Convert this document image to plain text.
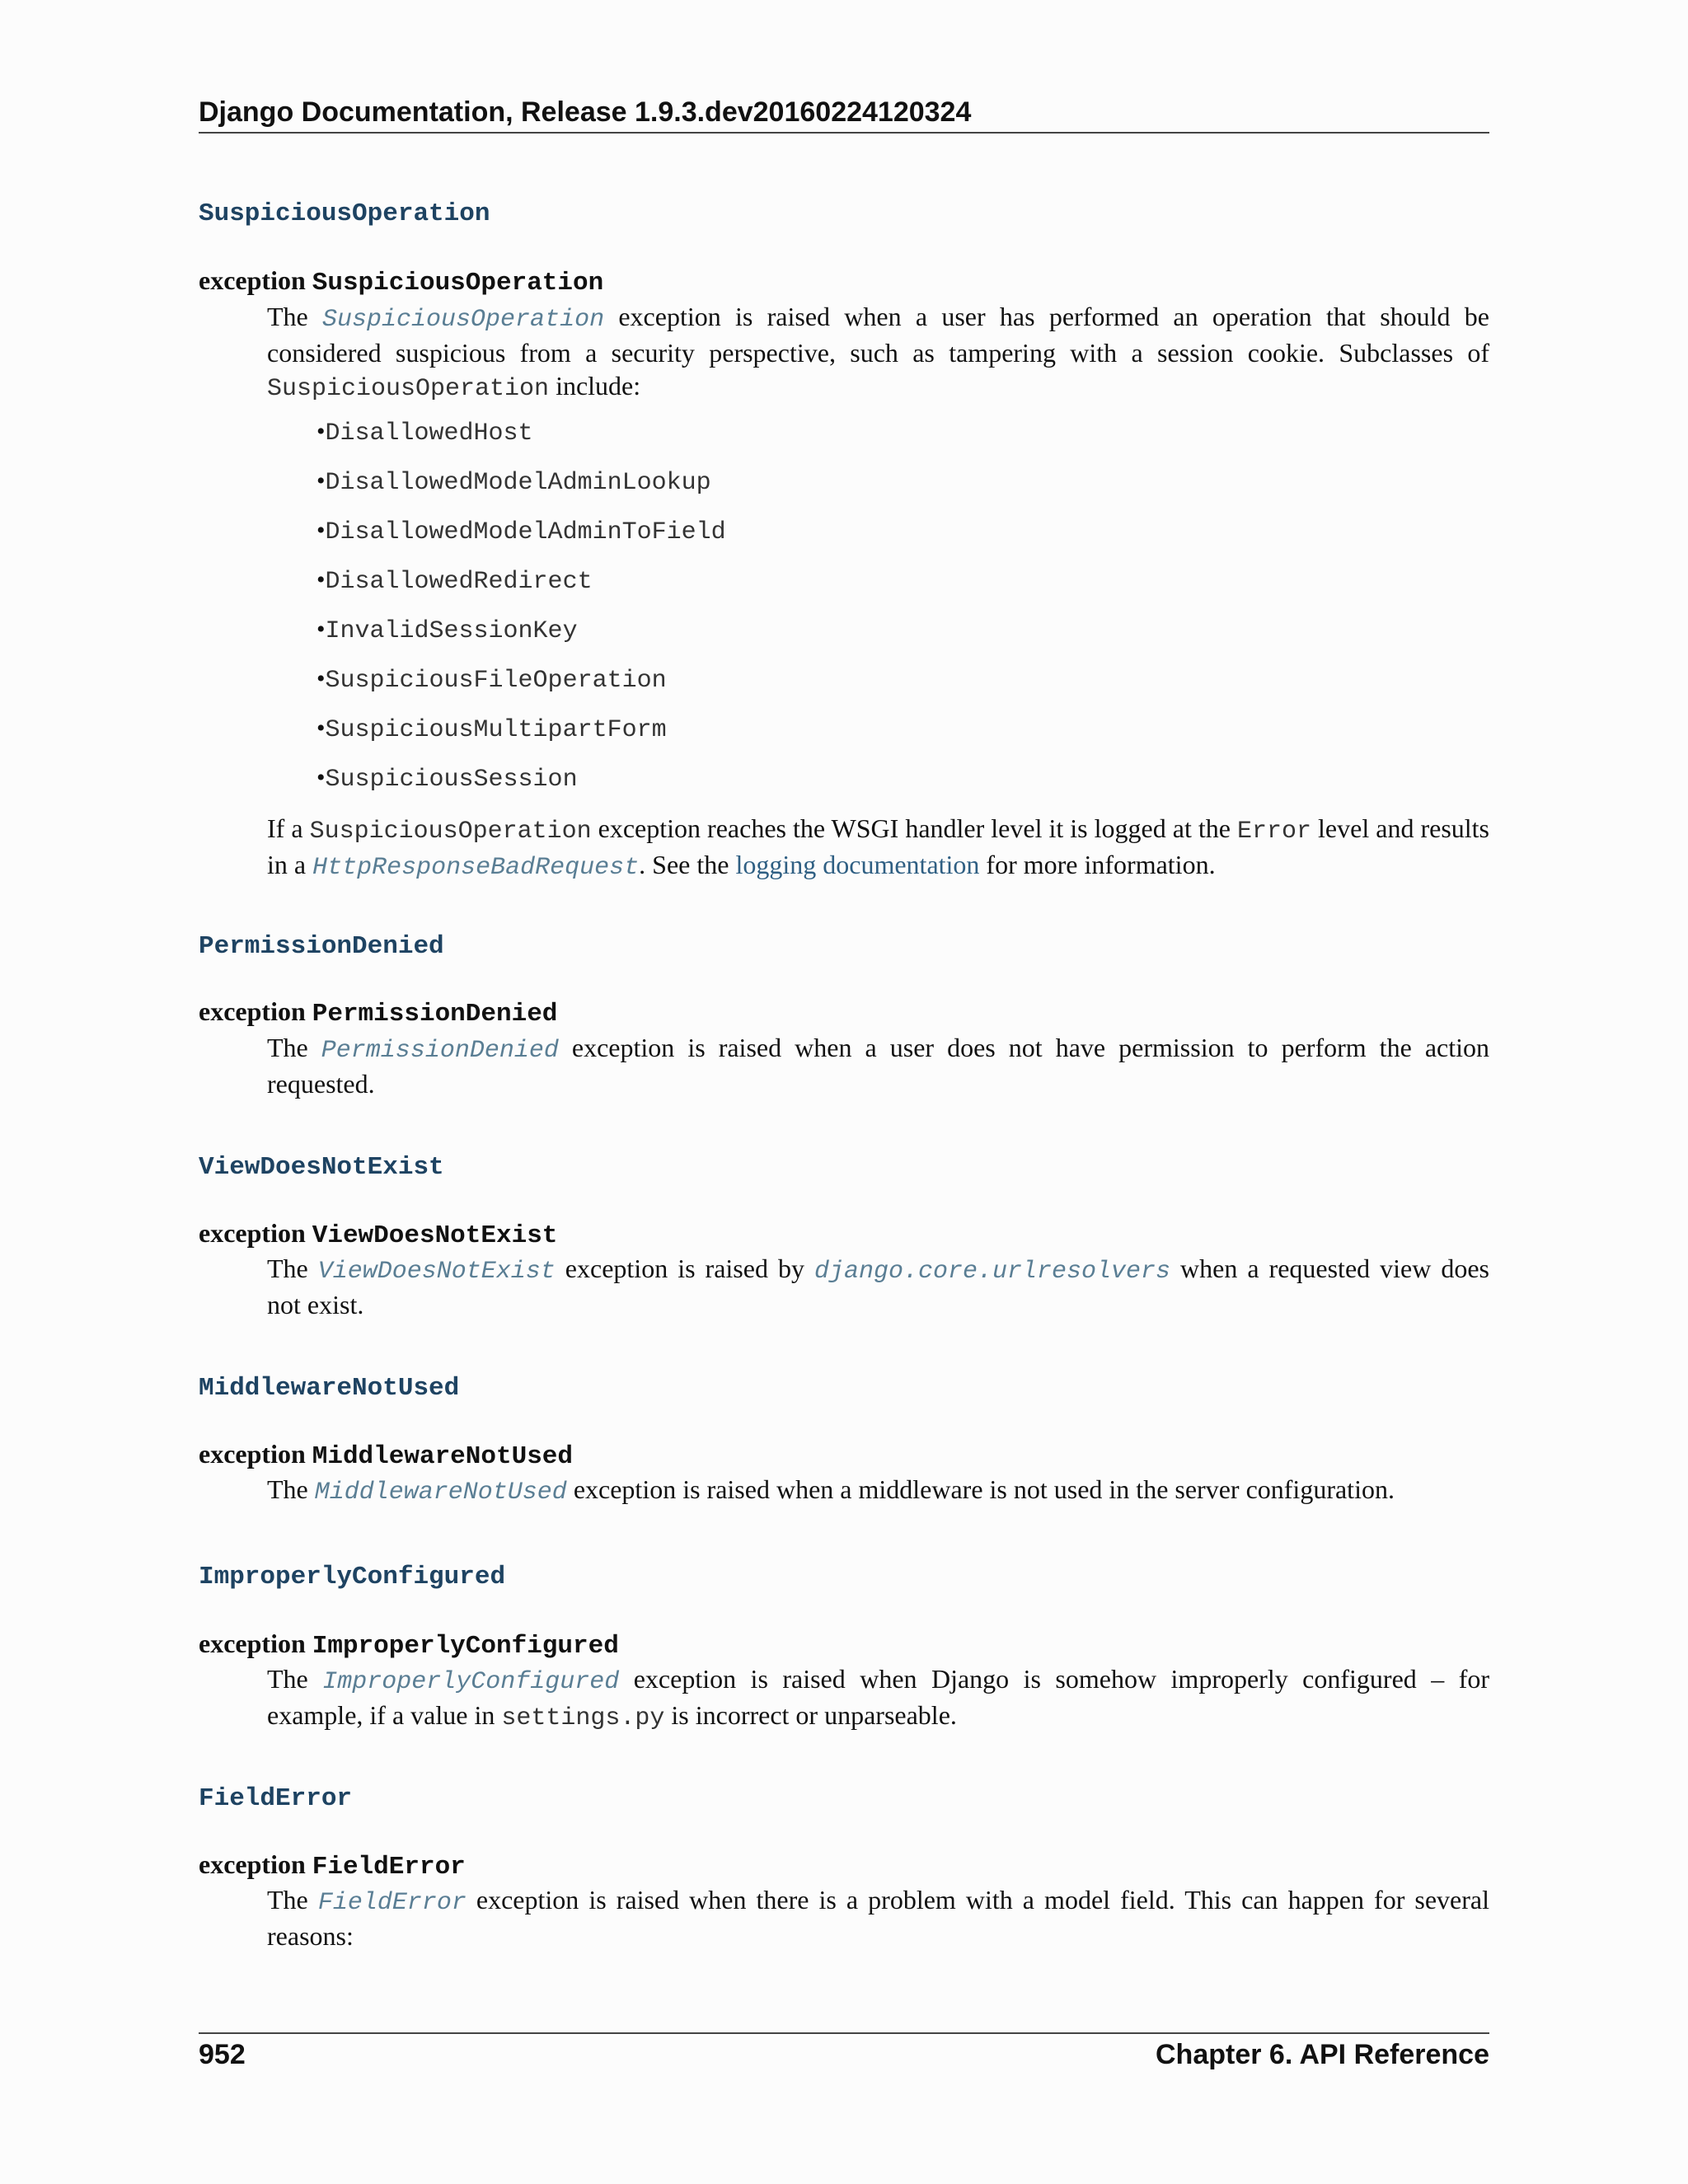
Django Documentation, Release 1.9.3.dev20160224120324
SuspiciousOperation
exception SuspiciousOperation
The SuspiciousOperation exception is raised when a user has performed an operation that should be considered suspicious from a security perspective, such as tampering with a session cookie. Subclasses of SuspiciousOperation include:
•DisallowedHost
•DisallowedModelAdminLookup
•DisallowedModelAdminToField
•DisallowedRedirect
•InvalidSessionKey
•SuspiciousFileOperation
•SuspiciousMultipartForm
•SuspiciousSession
If a SuspiciousOperation exception reaches the WSGI handler level it is logged at the Error level and results in a HttpResponseBadRequest. See the logging documentation for more information.
PermissionDenied
exception PermissionDenied
The PermissionDenied exception is raised when a user does not have permission to perform the action requested.
ViewDoesNotExist
exception ViewDoesNotExist
The ViewDoesNotExist exception is raised by django.core.urlresolvers when a requested view does not exist.
MiddlewareNotUsed
exception MiddlewareNotUsed
The MiddlewareNotUsed exception is raised when a middleware is not used in the server configuration.
ImproperlyConfigured
exception ImproperlyConfigured
The ImproperlyConfigured exception is raised when Django is somehow improperly configured – for example, if a value in settings.py is incorrect or unparseable.
FieldError
exception FieldError
The FieldError exception is raised when there is a problem with a model field. This can happen for several reasons:
952	Chapter 6. API Reference
